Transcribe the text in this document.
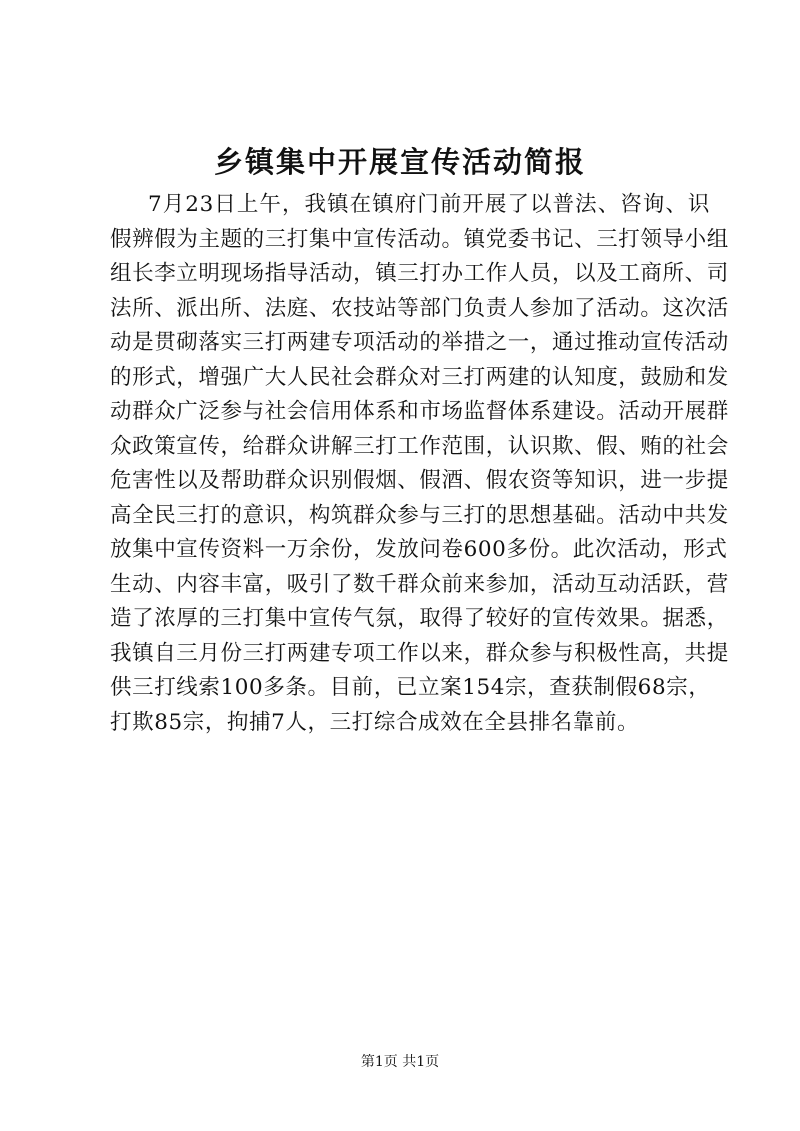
乡镇集中开展宣传活动简报
7月23日上午，我镇在镇府门前开展了以普法、咨询、识
假辨假为主题的三打集中宣传活动。镇党委书记、三打领导小组
组长李立明现场指导活动，镇三打办工作人员，以及工商所、司
法所、派出所、法庭、农技站等部门负责人参加了活动。这次活
动是贯砌落实三打两建专项活动的举措之一，通过推动宣传活动
的形式，增强广大人民社会群众对三打两建的认知度，鼓励和发
动群众广泛参与社会信用体系和市场监督体系建设。活动开展群
众政策宣传，给群众讲解三打工作范围，认识欺、假、贿的社会
危害性以及帮助群众识别假烟、假酒、假农资等知识，进一步提
高全民三打的意识，构筑群众参与三打的思想基础。活动中共发
放集中宣传资料一万余份，发放问卷600多份。此次活动，形式
生动、内容丰富，吸引了数千群众前来参加，活动互动活跃，营
造了浓厚的三打集中宣传气氛，取得了较好的宣传效果。据悉，
我镇自三月份三打两建专项工作以来，群众参与积极性高，共提
供三打线索100多条。目前，已立案154宗，查获制假68宗，
打欺85宗，拘捕7人，三打综合成效在全县排名靠前。
第1页 共1页
